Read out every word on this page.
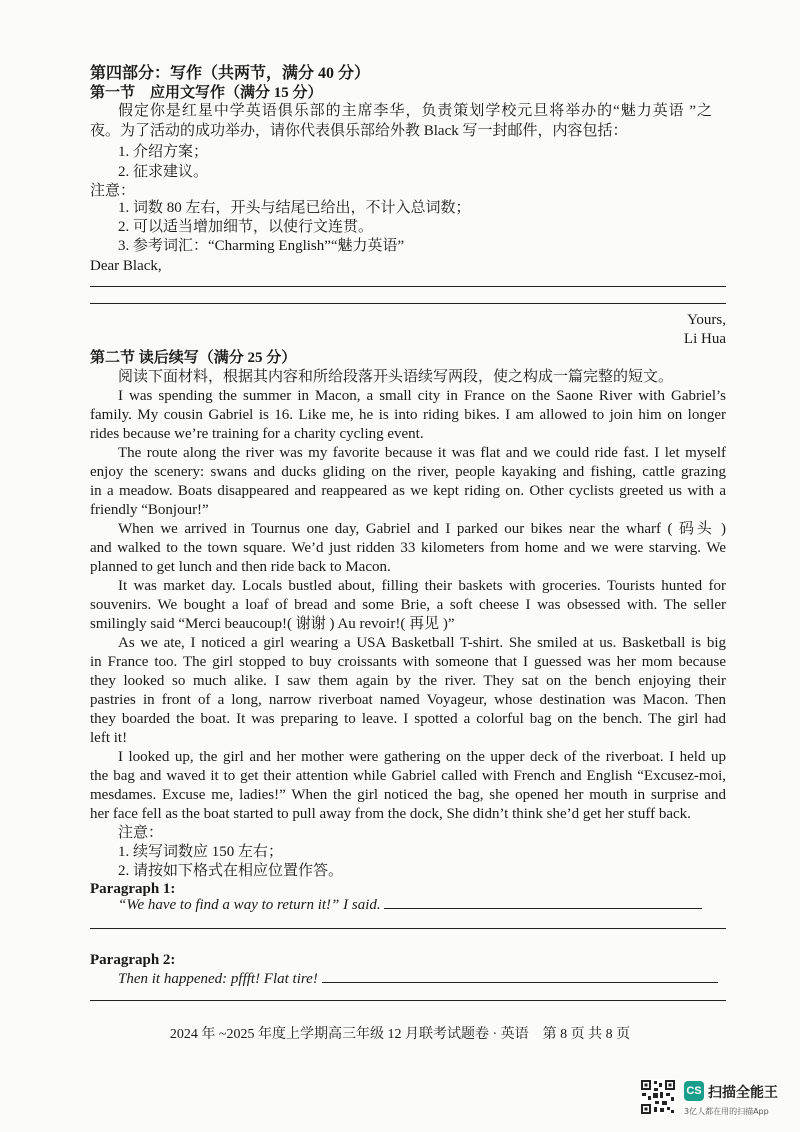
第四部分：写作（共两节，满分 40 分）
第一节　应用文写作（满分 15 分）
假定你是红星中学英语俱乐部的主席李华，负责策划学校元旦将举办的“魅力英语 ”之
夜。为了活动的成功举办，请你代表俱乐部给外教 Black 写一封邮件，内容包括：
1. 介绍方案；
2. 征求建议。
注意：
1. 词数 80 左右，开头与结尾已给出，不计入总词数；
2. 可以适当增加细节，以使行文连贯。
3. 参考词汇：“Charming English”“魅力英语”
Dear Black,
Yours,
Li Hua
第二节 读后续写（满分 25 分）
阅读下面材料，根据其内容和所给段落开头语续写两段，使之构成一篇完整的短文。
I was spending the summer in Macon, a small city in France on the Saone River with Gabriel’s
family. My cousin Gabriel is 16. Like me, he is into riding bikes. I am allowed to join him on longer
rides because we’re training for a charity cycling event.
The route along the river was my favorite because it was flat and we could ride fast. I let myself
enjoy the scenery: swans and ducks gliding on the river, people kayaking and fishing, cattle grazing
in a meadow. Boats disappeared and reappeared as we kept riding on. Other cyclists greeted us with a
friendly “Bonjour!”
When we arrived in Tournus one day, Gabriel and I parked our bikes near the wharf ( 码头 )
and walked to the town square. We’d just ridden 33 kilometers from home and we were starving. We
planned to get lunch and then ride back to Macon.
It was market day. Locals bustled about, filling their baskets with groceries. Tourists hunted for
souvenirs. We bought a loaf of bread and some Brie, a soft cheese I was obsessed with. The seller
smilingly said “Merci beaucoup!( 谢谢 ) Au revoir!( 再见 )”
As we ate, I noticed a girl wearing a USA Basketball T-shirt. She smiled at us. Basketball is big
in France too. The girl stopped to buy croissants with someone that I guessed was her mom because
they looked so much alike. I saw them again by the river. They sat on the bench enjoying their
pastries in front of a long, narrow riverboat named Voyageur, whose destination was Macon. Then
they boarded the boat. It was preparing to leave. I spotted a colorful bag on the bench. The girl had
left it!
I looked up, the girl and her mother were gathering on the upper deck of the riverboat. I held up
the bag and waved it to get their attention while Gabriel called with French and English “Excusez-moi,
mesdames. Excuse me, ladies!” When the girl noticed the bag, she opened her mouth in surprise and
her face fell as the boat started to pull away from the dock, She didn’t think she’d get her stuff back.
注意：
1. 续写词数应 150 左右；
2. 请按如下格式在相应位置作答。
Paragraph 1:
“We have to find a way to return it!” I said.
Paragraph 2:
Then it happened: pffft! Flat tire!
2024 年 ~2025 年度上学期高三年级 12 月联考试题卷 · 英语　第 8 页 共 8 页
CS 扫描全能王
3亿人都在用的扫描App
